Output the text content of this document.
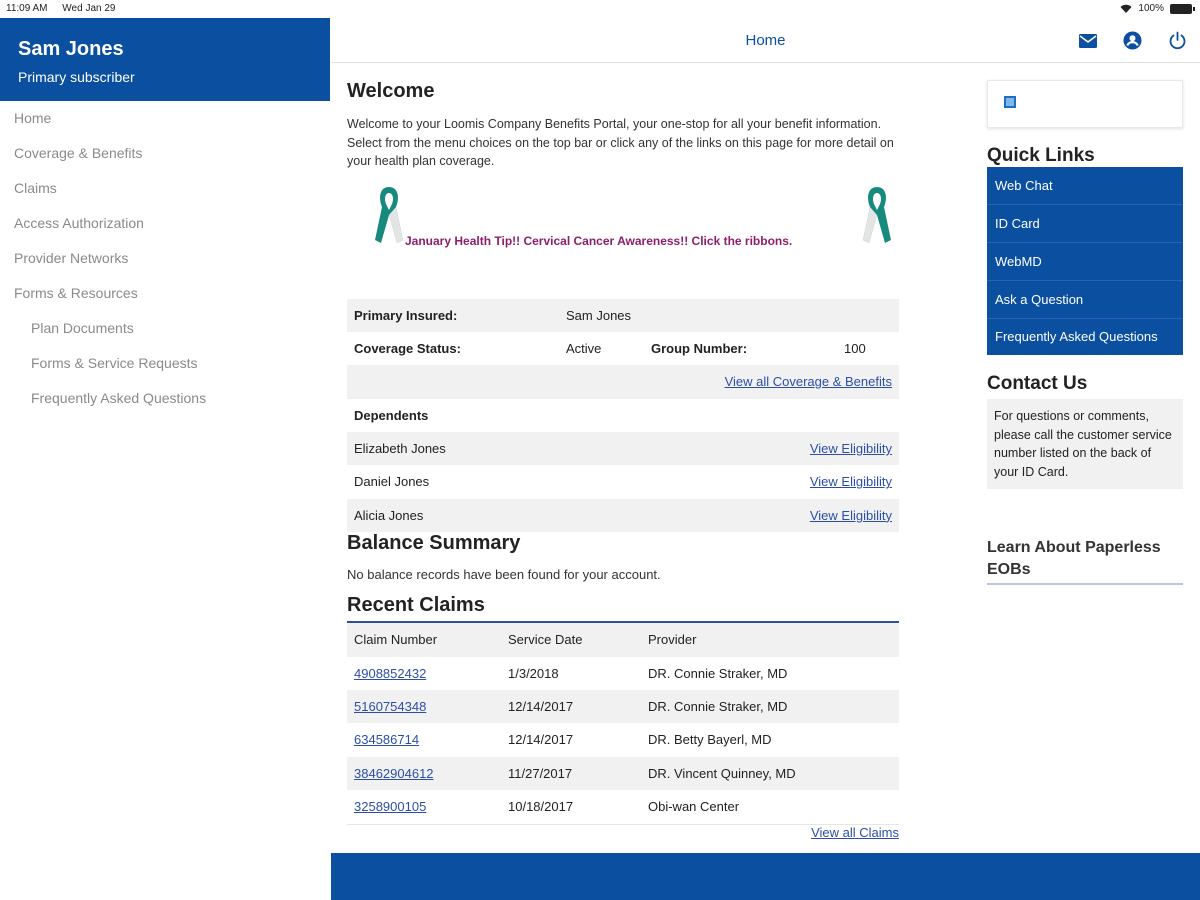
11:09 AM Wed Jan 29	100%
Sam Jones
Primary subscriber
Home
Coverage & Benefits
Claims
Access Authorization
Provider Networks
Forms & Resources
Plan Documents
Forms & Service Requests
Frequently Asked Questions
Home
Welcome

Welcome to your Loomis Company Benefits Portal, your one-stop for all your benefit information. Select from the menu choices on the top bar or click any of the links on this page for more detail on your health plan coverage.

January Health Tip!! Cervical Cancer Awareness!! Click the ribbons.
Primary Insured:	Sam Jones
Coverage Status:	Active	Group Number:	100
View all Coverage & Benefits
Dependents
Elizabeth Jones	View Eligibility
Daniel Jones	View Eligibility
Alicia Jones	View Eligibility
Balance Summary

No balance records have been found for your account.

Recent Claims
Claim Number	Service Date	Provider
4908852432	1/3/2018	DR. Connie Straker, MD
5160754348	12/14/2017	DR. Connie Straker, MD
634586714	12/14/2017	DR. Betty Bayerl, MD
38462904612	11/27/2017	DR. Vincent Quinney, MD
3258900105	10/18/2017	Obi-wan Center
View all Claims
Quick Links
Web Chat
ID Card
WebMD
Ask a Question
Frequently Asked Questions
Contact Us
For questions or comments, please call the customer service number listed on the back of your ID Card.
Learn About Paperless EOBs
